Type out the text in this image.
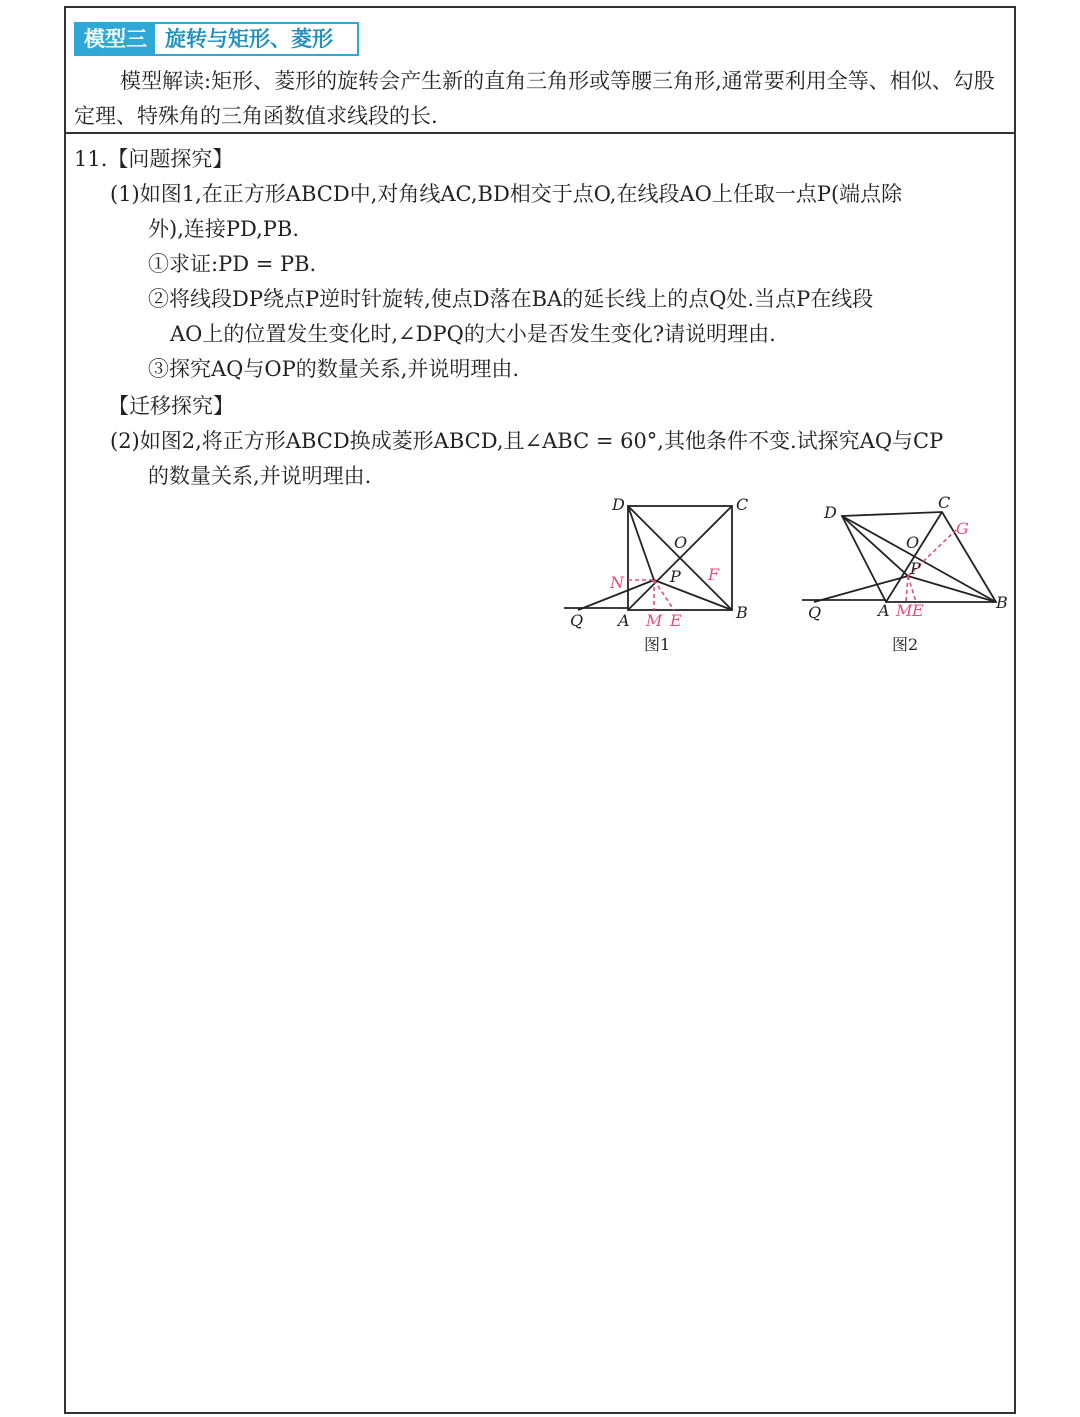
模型三 旋转与矩形、菱形

模型解读:矩形、菱形的旋转会产生新的直角三角形或等腰三角形,通常要利用全等、相似、勾股定理、特殊角的三角函数值求线段的长.

11.【问题探究】

(1)如图1,在正方形ABCD中,对角线AC,BD相交于点O,在线段AO上任取一点P(端点除

外),连接PD,PB.

①求证:PD = PB.

②将线段DP绕点P逆时针旋转,使点D落在BA的延长线上的点Q处.当点P在线段

AO上的位置发生变化时,∠DPQ的大小是否发生变化?请说明理由.

③探究AQ与OP的数量关系,并说明理由.

【迁移探究】

(2)如图2,将正方形ABCD换成菱形ABCD,且∠ABC = 60°,其他条件不变.试探究AQ与CP

的数量关系,并说明理由.

D	C
O
P
N	F
Q A M E	B
图1
D
C
O
P
G
Q	A M E	B
图2
